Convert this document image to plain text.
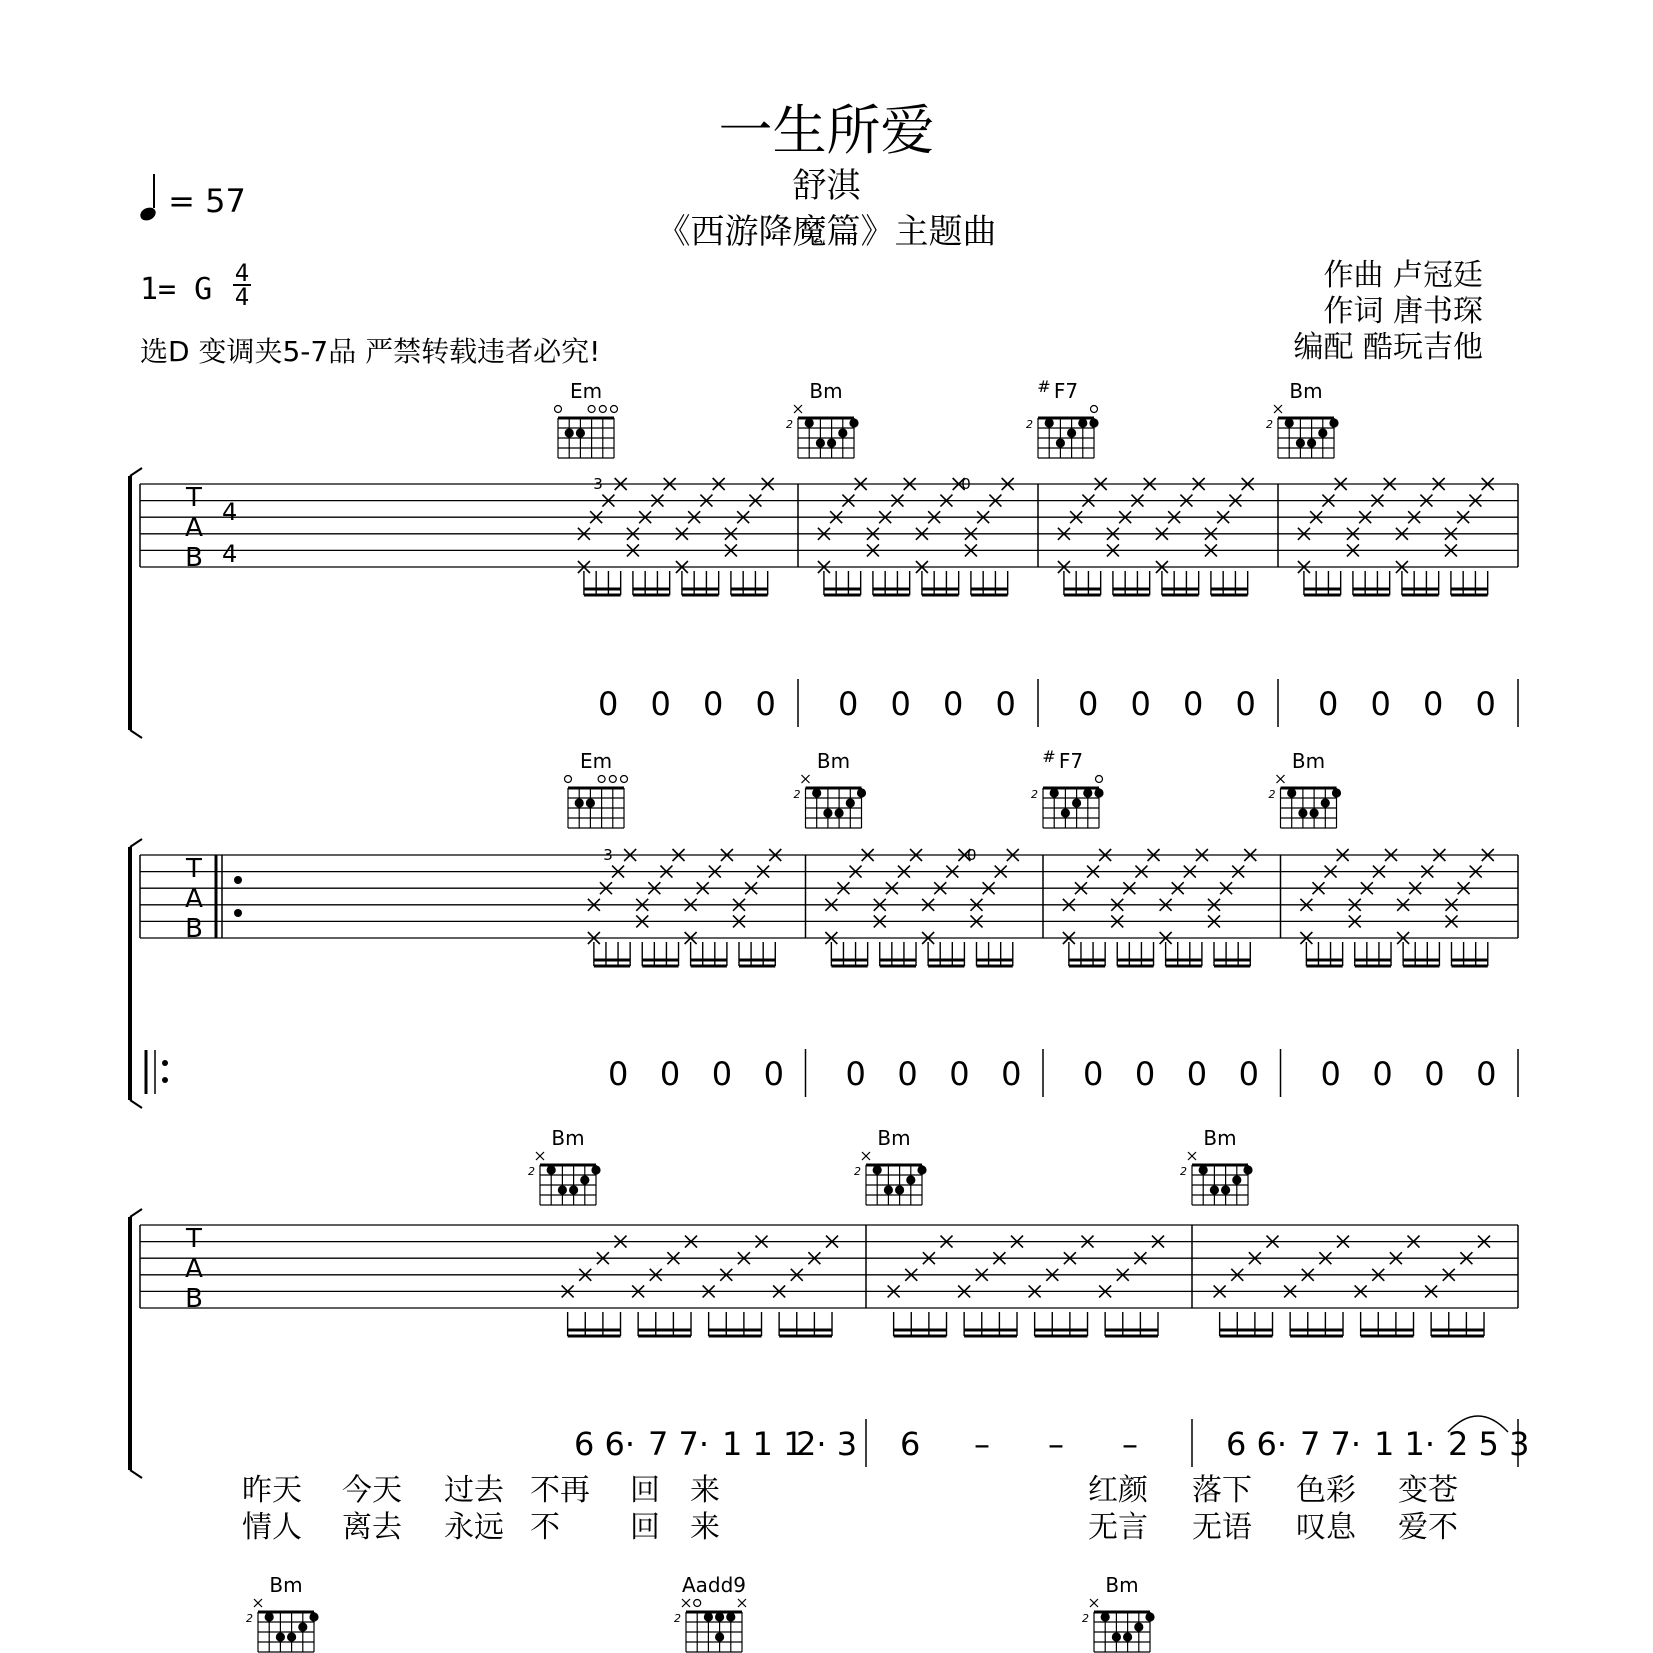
一生所爱
舒淇
《西游降魔篇》主题曲
= 57
1= G 4
4
选D 变调夹5-7品 严禁转载违者必究!
作曲 卢冠廷
作词 唐书琛
编配 酷玩吉他
T
A
B
0 0 0 0 0 0 0 0 0 0 0 0 0 0 0 0
3	0
4
4
Em	Bm
2
F7
#
2
Bm
2
T
A
B
0 0 0 0 0 0 0 0 0 0 0 0 0 0 0 0
3	0
Em	Bm
2
F7
#
2
Bm
2
T
A
B
6 6· 7 7· 1 1 1
2· 3 6 – – –	6 6· 7 7· 1 1· 2 5 3
昨天 今天 过去 不再 回 来
情人 离去 永远 不 回 来
红颜 落下 色彩 变苍
无言 无语 叹息 爱不
Bm
2
Bm
2
Bm
2
Bm
2
Aadd9
2
Bm
2
